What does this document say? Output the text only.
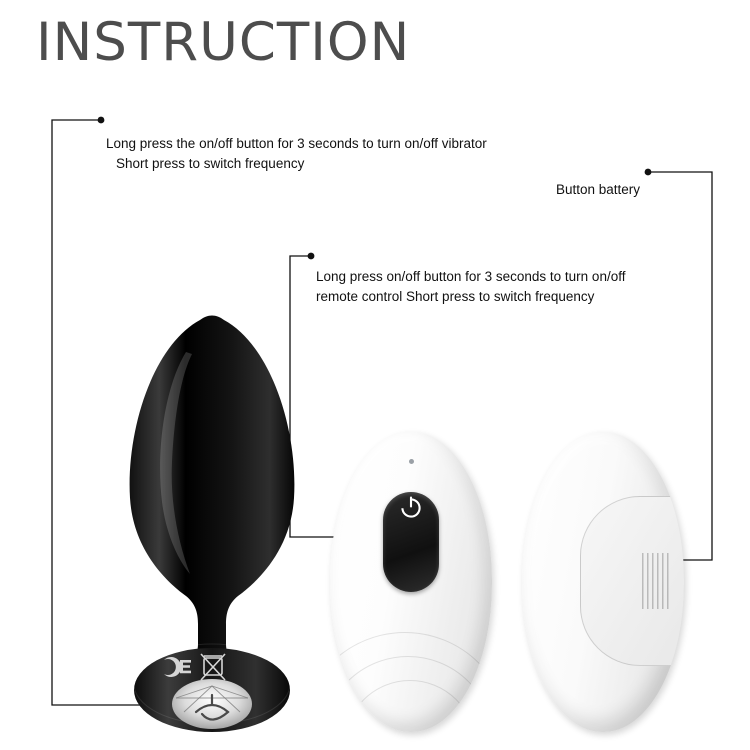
INSTRUCTION

Long press the on/off button for 3 seconds to turn on/off vibrator

Short press to switch frequency

Long press on/off button for 3 seconds to turn on/off

remote control Short press to switch frequency

Button battery
